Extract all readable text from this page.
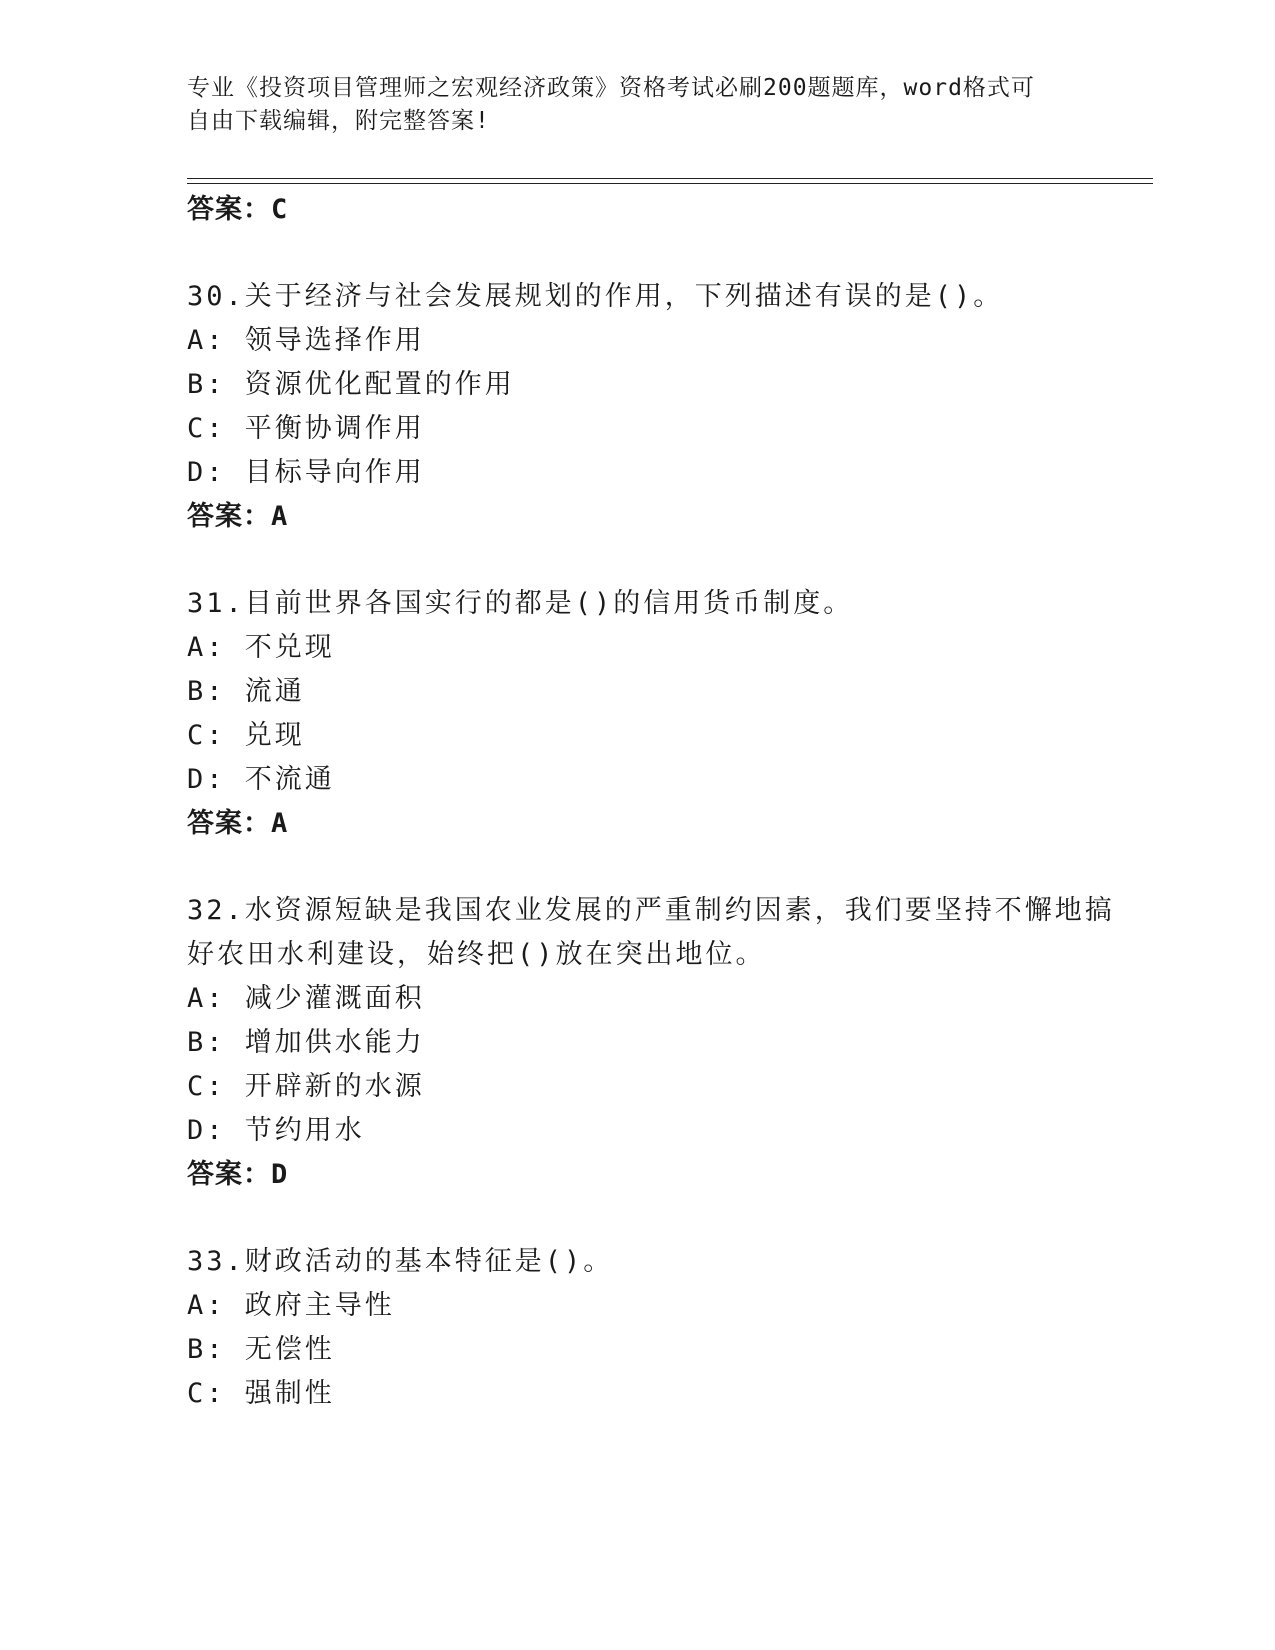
专业《投资项目管理师之宏观经济政策》资格考试必刷200题题库，word格式可
自由下载编辑，附完整答案!
答案：C
30.关于经济与社会发展规划的作用，下列描述有误的是()。
A: 领导选择作用
B: 资源优化配置的作用
C: 平衡协调作用
D: 目标导向作用
答案：A
31.目前世界各国实行的都是()的信用货币制度。
A: 不兑现
B: 流通
C: 兑现
D: 不流通
答案：A
32.水资源短缺是我国农业发展的严重制约因素，我们要坚持不懈地搞
好农田水利建设，始终把()放在突出地位。
A: 减少灌溉面积
B: 增加供水能力
C: 开辟新的水源
D: 节约用水
答案：D
33.财政活动的基本特征是()。
A: 政府主导性
B: 无偿性
C: 强制性
